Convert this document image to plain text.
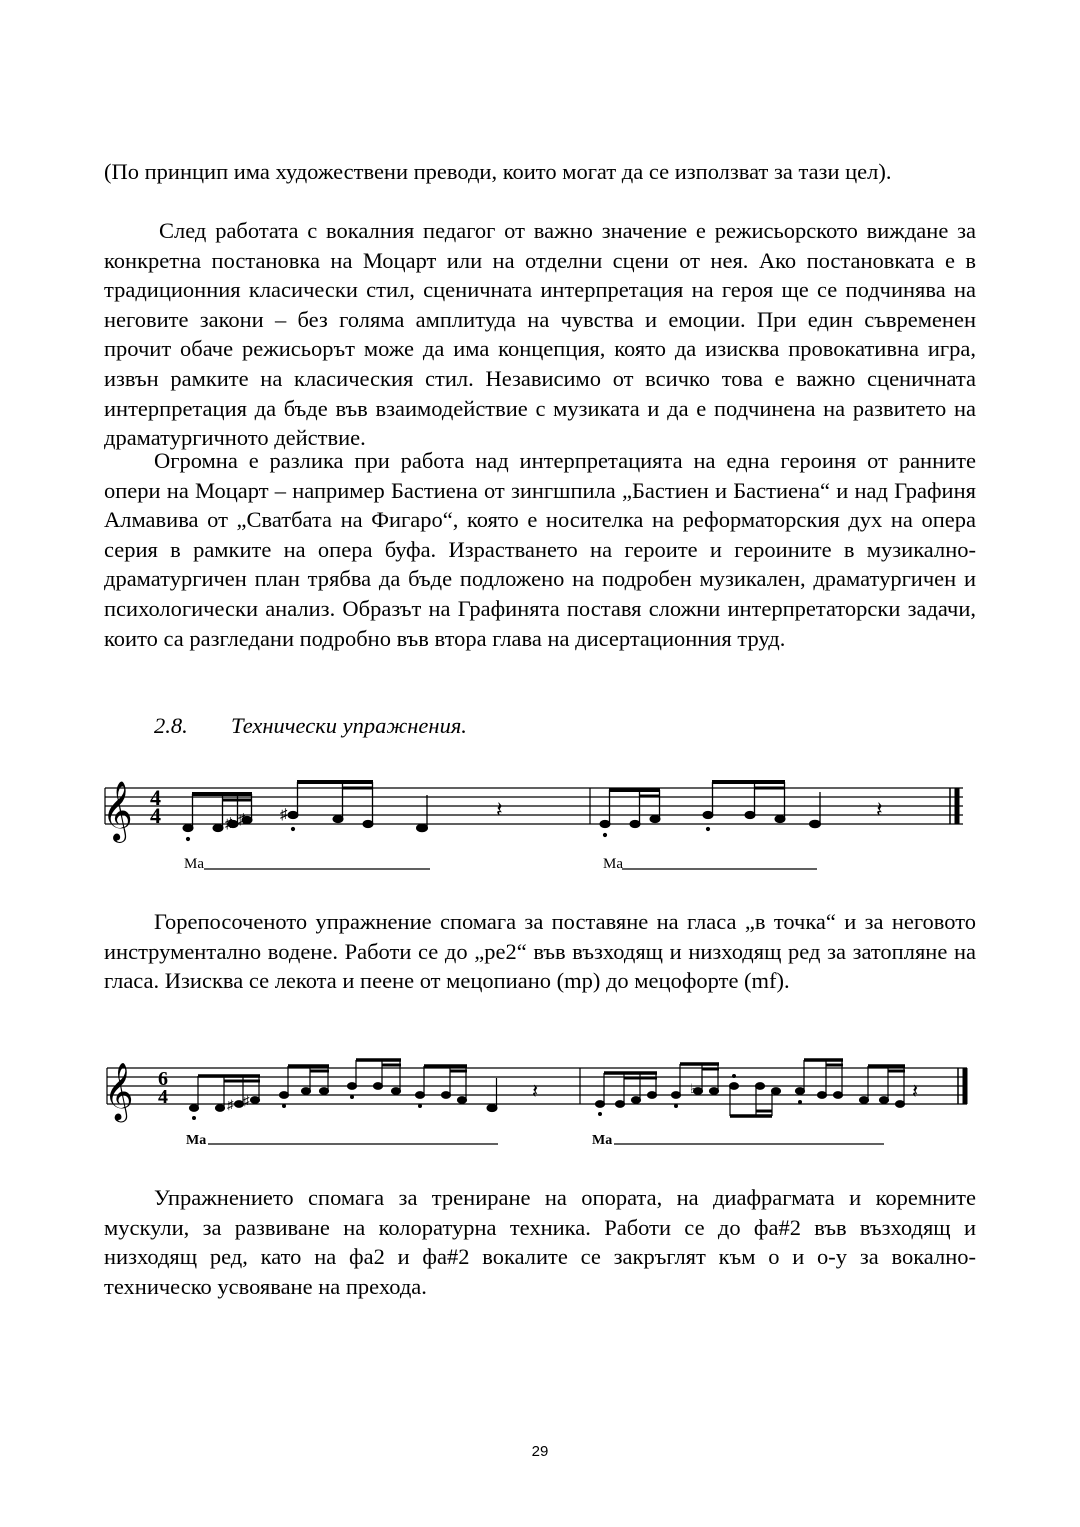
(По принцип има художествени преводи, които могат да се използват за тази цел).

След работата с вокалния педагог от важно значение е режисьорското виждане за конкретна постановка на Моцарт или на отделни сцени от нея. Ако постановката е в традиционния класически стил, сценичната интерпретация на героя ще се подчинява на неговите закони – без голяма амплитуда на чувства и емоции. При един съвременен прочит обаче режисьорът може да има концепция, която да изисква провокативна игра, извън рамките на класическия стил. Независимо от всичко това е важно сценичната интерпретация да бъде във взаимодействие с музиката и да е подчинена на развитето на драматургичното действие.

Огромна е разлика при работа над интерпретацията на една героиня от ранните опери на Моцарт – например Бастиена от зингшпила „Бастиен и Бастиена“ и над Графиня Алмавива от „Сватбата на Фигаро“, която е носителка на реформаторския дух на опера серия в рамките на опера буфа. Израстването на героите и героините в музикално-драматургичен план трябва да бъде подложено на подробен музикален, драматургичен и психологически анализ. Образът на Графинята поставя сложни интерпретаторски задачи, които са разгледани подробно във втора глава на дисертационния труд.

2.8. Технически упражнения.
𝄞 4
4	♯ ♯ ♯	𝄽	𝄽
Ma	Ma

Горепосоченото упражнение спомага за поставяне на гласа „в точка“ и за неговото инструментално водене. Работи се до „ре2“ във възходящ и низходящ ред за затопляне на гласа. Изисква се лекота и пеене от мецопиано (mp) до мецофорте (mf).

𝄞 6
4	𝄽
♯ ♯
♭	𝄽
Ma	Ma

Упражнението спомага за трениране на опората, на диафрагмата и коремните мускули, за развиване на колоратурна техника. Работи се до фа#2 във възходящ и низходящ ред, като на фа2 и фа#2 вокалите се закръглят към о и о-у за вокално-техническо усвояване на прехода.

29
